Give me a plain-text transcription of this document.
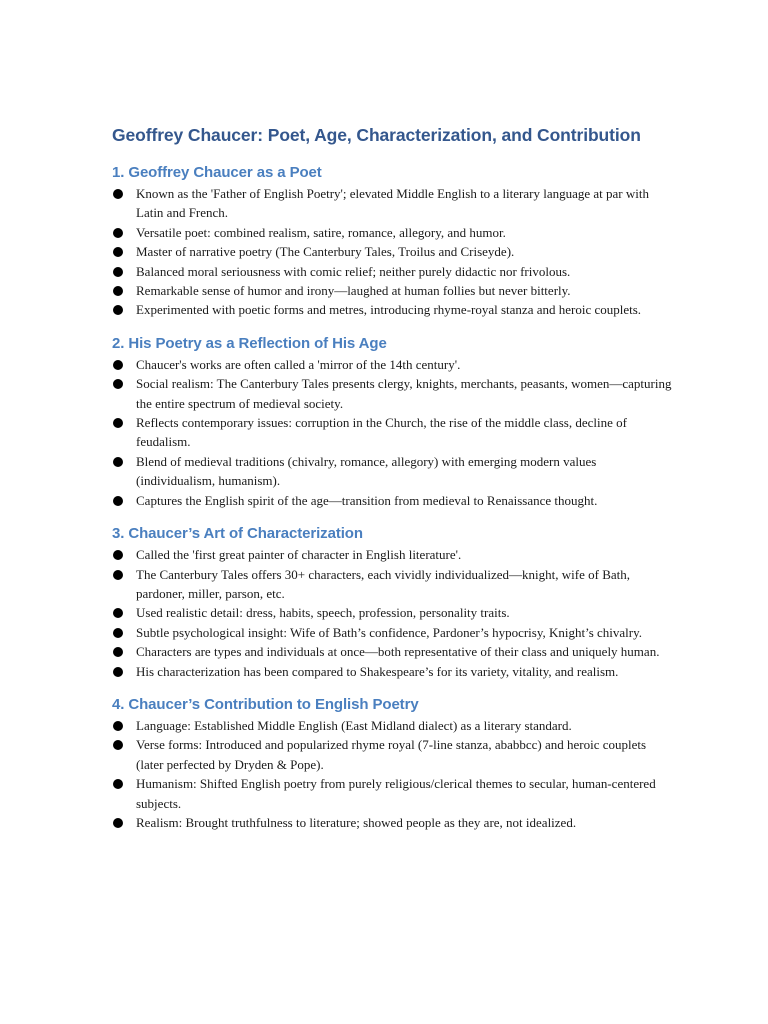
Geoffrey Chaucer: Poet, Age, Characterization, and Contribution
1. Geoffrey Chaucer as a Poet
Known as the 'Father of English Poetry'; elevated Middle English to a literary language at par with Latin and French.
Versatile poet: combined realism, satire, romance, allegory, and humor.
Master of narrative poetry (The Canterbury Tales, Troilus and Criseyde).
Balanced moral seriousness with comic relief; neither purely didactic nor frivolous.
Remarkable sense of humor and irony—laughed at human follies but never bitterly.
Experimented with poetic forms and metres, introducing rhyme-royal stanza and heroic couplets.
2. His Poetry as a Reflection of His Age
Chaucer's works are often called a 'mirror of the 14th century'.
Social realism: The Canterbury Tales presents clergy, knights, merchants, peasants, women—capturing the entire spectrum of medieval society.
Reflects contemporary issues: corruption in the Church, the rise of the middle class, decline of feudalism.
Blend of medieval traditions (chivalry, romance, allegory) with emerging modern values (individualism, humanism).
Captures the English spirit of the age—transition from medieval to Renaissance thought.
3. Chaucer’s Art of Characterization
Called the 'first great painter of character in English literature'.
The Canterbury Tales offers 30+ characters, each vividly individualized—knight, wife of Bath, pardoner, miller, parson, etc.
Used realistic detail: dress, habits, speech, profession, personality traits.
Subtle psychological insight: Wife of Bath’s confidence, Pardoner’s hypocrisy, Knight’s chivalry.
Characters are types and individuals at once—both representative of their class and uniquely human.
His characterization has been compared to Shakespeare’s for its variety, vitality, and realism.
4. Chaucer’s Contribution to English Poetry
Language: Established Middle English (East Midland dialect) as a literary standard.
Verse forms: Introduced and popularized rhyme royal (7-line stanza, ababbcc) and heroic couplets (later perfected by Dryden & Pope).
Humanism: Shifted English poetry from purely religious/clerical themes to secular, human-centered subjects.
Realism: Brought truthfulness to literature; showed people as they are, not idealized.
